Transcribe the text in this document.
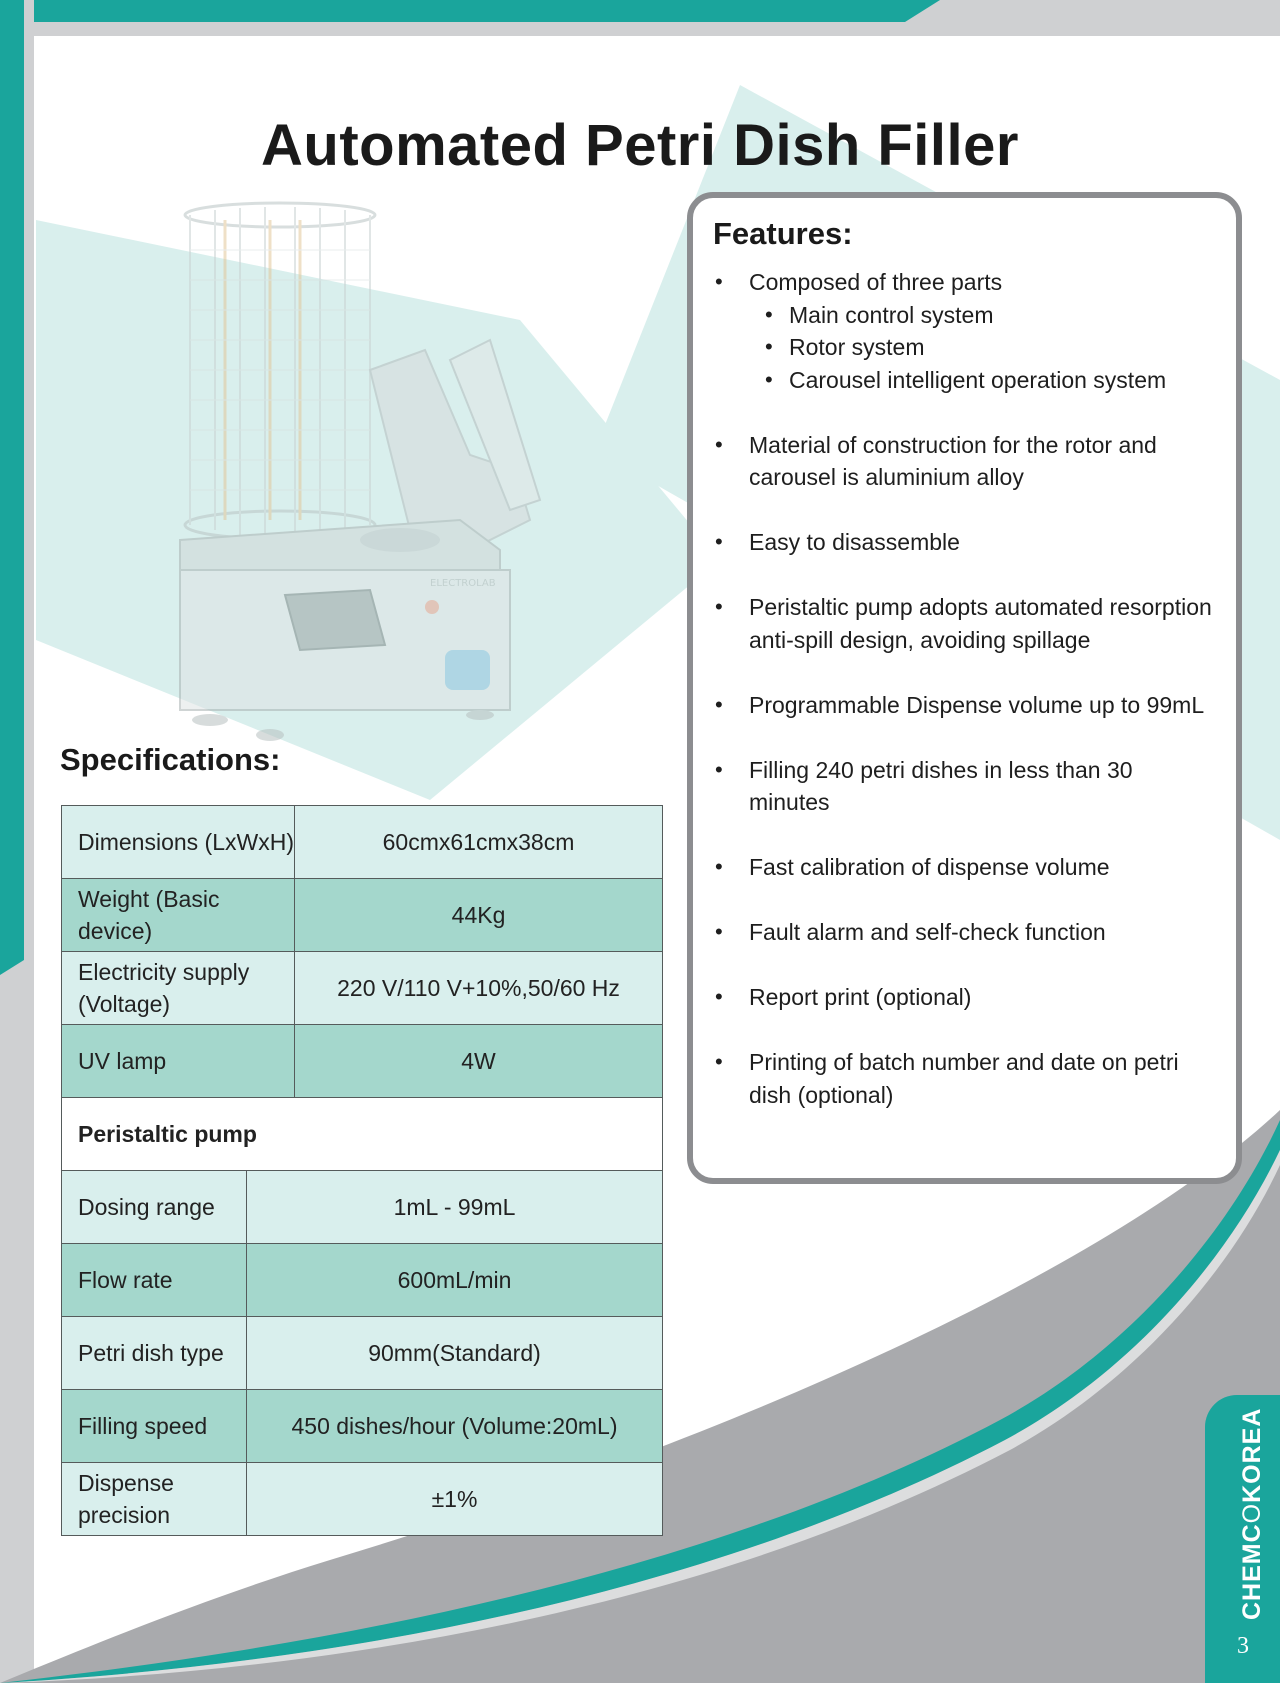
ELECTROLAB
Automated Petri Dish Filler
Features:
• Composed of three parts
• Main control system
• Rotor system
• Carousel intelligent operation system
• Material of construction for the rotor and carousel is aluminium alloy
• Easy to disassemble
• Peristaltic pump adopts automated resorption anti-spill design, avoiding spillage
• Programmable Dispense volume up to 99mL
• Filling 240 petri dishes in less than 30 minutes
• Fast calibration of dispense volume
• Fault alarm and self-check function
• Report print (optional)
• Printing of batch number and date on petri dish (optional)
Specifications:
Dimensions (LxWxH)		60cmx61cmx38cm
Weight (Basic device)		44Kg
Electricity supply (Voltage)		220 V/110 V+10%,50/60 Hz
UV lamp		4W
Peristaltic pump		
Dosing range	1mL - 99mL	
Flow rate	600mL/min	
Petri dish type	90mm(Standard)	
Filling speed	450 dishes/hour (Volume:20mL)	
Dispense precision	±1%	
CHEMCOKOREA
3
